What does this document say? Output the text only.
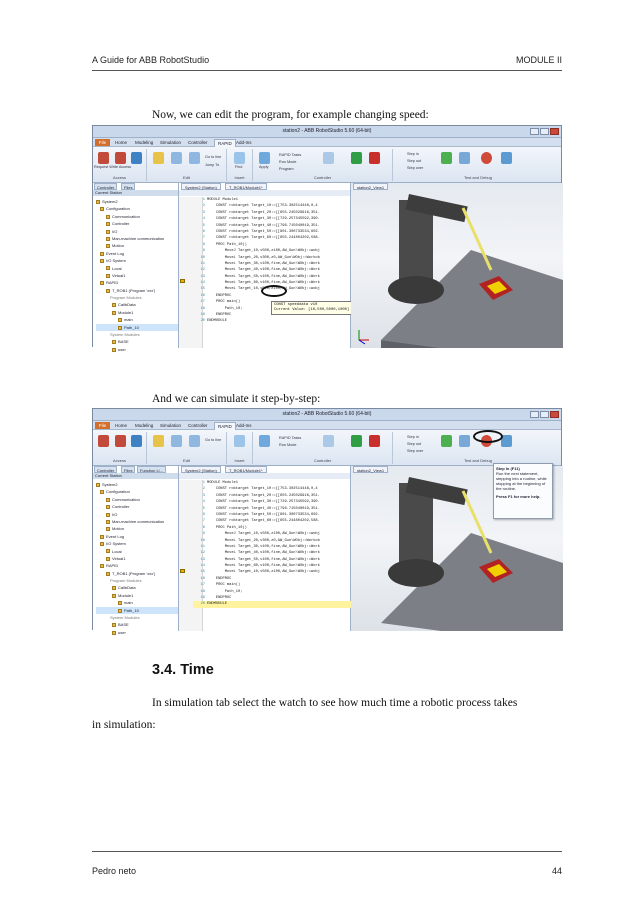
A Guide for ABB RobotStudio	MODULE II

Now, we can edit the program, for example changing speed:

station2 - ABB RobotStudio 5.60 (64-bit)
File	Home Modeling Simulation Controller	RAPID Add-Ins
Request Write Access
Access
Go to line
Jump To
Edit
Find
Insert
Apply
RAPID Tasks
Run Mode
Program
Controller
Step in
Step out
Step over
Test and Debug
Controller	Files
Current Station
System2
Configuration
Communication
Controller
I/O
Man-machine communication
Motion
Event Log
I/O System
Local
Virtual1
RAPID
T_ROB1 (Program 'xxx')
Program Modules
CalibData
Module1
main
Path_10
System Modules
BASE
user
System2 (Station)	T_ROB1/Module1*
1 MODULE Module1
2    CONST robtarget Target_10:=[[753.302514448,0,4
3    CONST robtarget Target_20:=[[655.245029916,351.
4    CONST robtarget Target_30:=[[729.257345592,390.
5    CONST robtarget Target_40:=[[796.715040019,351.
6    CONST robtarget Target_50:=[[801.300733534,602.
7    CONST robtarget Target_60:=[[655.244804202,588.
8    PROC Path_10()
9        MoveJ Target_10,v500,z100,AW_Gun\WObj:=wobj
10        MoveL Target_20,v300,z0,AW_Gun\WObj:=Workob
11        MoveL Target_30,v100,fine,AW_Gun\WObj:=Work
12        MoveL Target_40,v100,fine,AW_Gun\WObj:=Work
13        MoveL Target_50,v100,fine,AW_Gun\WObj:=Work
14        MoveL Target_60,v100,fine,AW_Gun\WObj:=Work
15        MoveL Target_10,v500,z100,AW_Gun\WObj:=wobj
16    ENDPROC
17    PROC main()
18        Path_10;
19    ENDPROC
20 ENDMODULE
CONST speeddata v10
Current Value: [10,500,5000,1000]
station2_View1

And we can simulate it step-by-step:

station2 - ABB RobotStudio 5.60 (64-bit)
File	Home Modeling Simulation Controller	RAPID Add-Ins
Access
Go to line
Edit	Insert
RAPID Tasks
Run Mode
Controller
Step in
Step out
Step over
Test and Debug
Controller	Files	Function Li...
Current Station
System2
Configuration
Communication
Controller
I/O
Man-machine communication
Motion
Event Log
I/O System
Local
Virtual1
RAPID
T_ROB1 (Program 'xxx')
Program Modules
CalibData
Module1
main
Path_10
System Modules
BASE
user
System2 (Station)	T_ROB1/Module1*
1 MODULE Module1
2    CONST robtarget Target_10:=[[753.302514448,0,4
3    CONST robtarget Target_20:=[[655.245029916,351.
4    CONST robtarget Target_30:=[[729.257345592,390.
5    CONST robtarget Target_40:=[[796.715040019,351.
6    CONST robtarget Target_50:=[[801.300733534,602.
7    CONST robtarget Target_60:=[[655.244804202,588.
8    PROC Path_10()
9        MoveJ Target_10,v500,z100,AW_Gun\WObj:=wobj
10        MoveL Target_20,v300,z0,AW_Gun\WObj:=Workob
11        MoveL Target_30,v100,fine,AW_Gun\WObj:=Work
12        MoveL Target_40,v100,fine,AW_Gun\WObj:=Work
13        MoveL Target_50,v100,fine,AW_Gun\WObj:=Work
14        MoveL Target_60,v100,fine,AW_Gun\WObj:=Work
15        MoveL Target_10,v500,z100,AW_Gun\WObj:=wobj
16    ENDPROC
17    PROC main()
18        Path_10;
19    ENDPROC
20 ENDMODULE
station2_View1	Step In (F11)
Run the next statement, stepping into a routine, while stopping at the beginning of the routine.
Press F1 for more help.
3.4. Time

In simulation tab select the watch to see how much time a robotic process takes

in simulation:

Pedro neto	44
